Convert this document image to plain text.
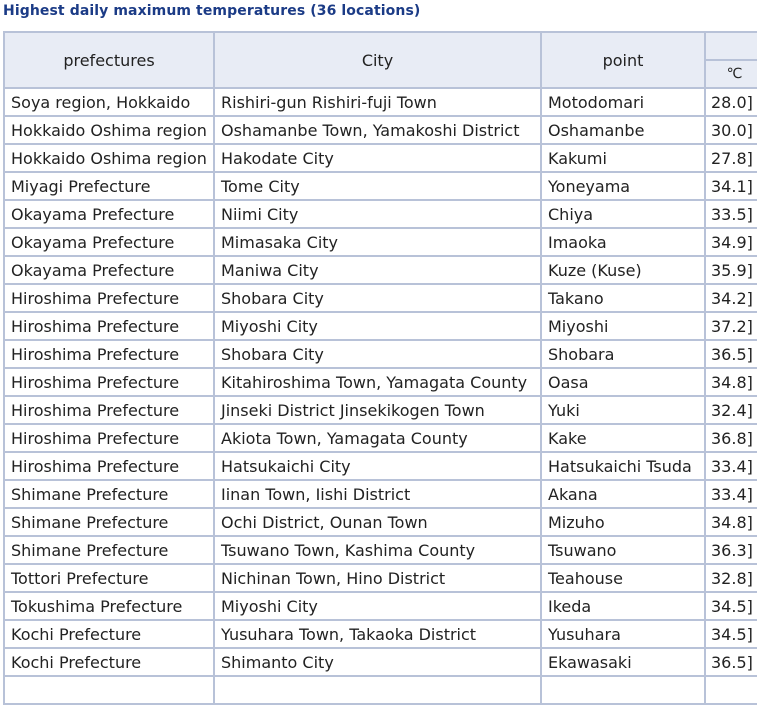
Highest daily maximum temperatures (36 locations)
prefectures	City	point	
			℃
Soya region, Hokkaido	Rishiri-gun Rishiri-fuji Town	Motodomari	28.0]
Hokkaido Oshima region	Oshamanbe Town, Yamakoshi District	Oshamanbe	30.0]
Hokkaido Oshima region	Hakodate City	Kakumi	27.8]
Miyagi Prefecture	Tome City	Yoneyama	34.1]
Okayama Prefecture	Niimi City	Chiya	33.5]
Okayama Prefecture	Mimasaka City	Imaoka	34.9]
Okayama Prefecture	Maniwa City	Kuze (Kuse)	35.9]
Hiroshima Prefecture	Shobara City	Takano	34.2]
Hiroshima Prefecture	Miyoshi City	Miyoshi	37.2]
Hiroshima Prefecture	Shobara City	Shobara	36.5]
Hiroshima Prefecture	Kitahiroshima Town, Yamagata County	Oasa	34.8]
Hiroshima Prefecture	Jinseki District Jinsekikogen Town	Yuki	32.4]
Hiroshima Prefecture	Akiota Town, Yamagata County	Kake	36.8]
Hiroshima Prefecture	Hatsukaichi City	Hatsukaichi Tsuda	33.4]
Shimane Prefecture	Iinan Town, Iishi District	Akana	33.4]
Shimane Prefecture	Ochi District, Ounan Town	Mizuho	34.8]
Shimane Prefecture	Tsuwano Town, Kashima County	Tsuwano	36.3]
Tottori Prefecture	Nichinan Town, Hino District	Teahouse	32.8]
Tokushima Prefecture	Miyoshi City	Ikeda	34.5]
Kochi Prefecture	Yusuhara Town, Takaoka District	Yusuhara	34.5]
Kochi Prefecture	Shimanto City	Ekawasaki	36.5]
